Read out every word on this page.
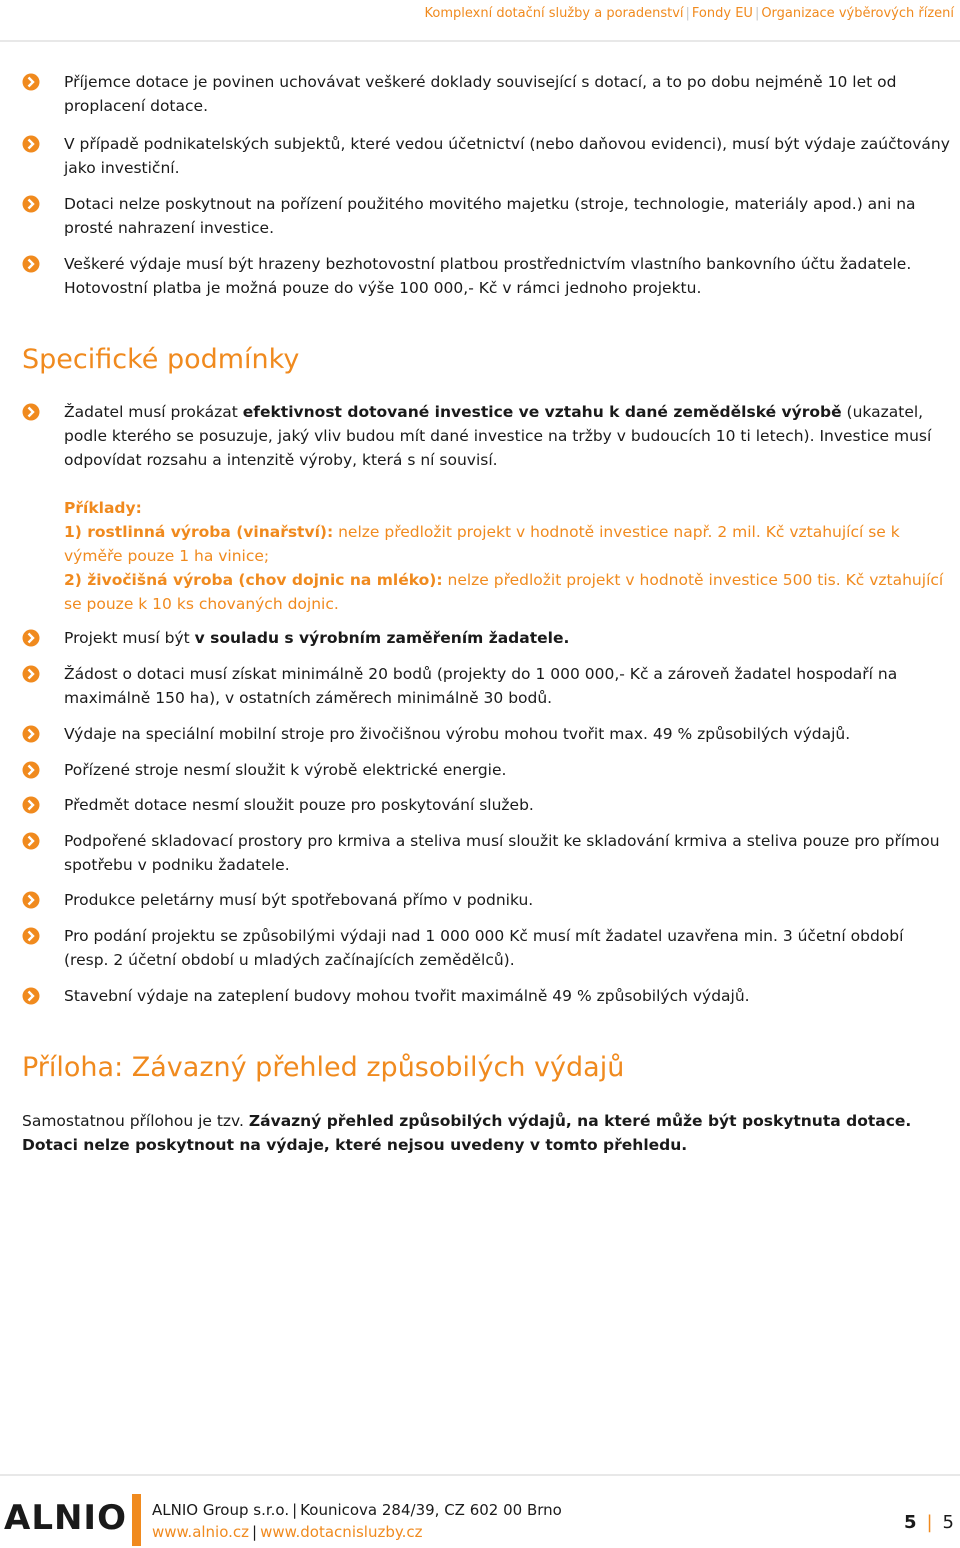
Komplexní dotační služby a poradenství | Fondy EU | Organizace výběrových řízení
Příjemce dotace je povinen uchovávat veškeré doklady související s dotací, a to po dobu nejméně 10 let od proplacení dotace.
V případě podnikatelských subjektů, které vedou účetnictví (nebo daňovou evidenci), musí být výdaje zaúčtovány jako investiční.
Dotaci nelze poskytnout na pořízení použitého movitého majetku (stroje, technologie, materiály apod.) ani na prosté nahrazení investice.
Veškeré výdaje musí být hrazeny bezhotovostní platbou prostřednictvím vlastního bankovního účtu žadatele. Hotovostní platba je možná pouze do výše 100 000,- Kč v rámci jednoho projektu.
Specifické podmínky
Žadatel musí prokázat efektivnost dotované investice ve vztahu k dané zemědělské výrobě (ukazatel, podle kterého se posuzuje, jaký vliv budou mít dané investice na tržby v budoucích 10 ti letech). Investice musí odpovídat rozsahu a intenzitě výroby, která s ní souvisí.
Příklady:
1) rostlinná výroba (vinařství): nelze předložit projekt v hodnotě investice např. 2 mil. Kč vztahující se k výměře pouze 1 ha vinice;
2) živočišná výroba (chov dojnic na mléko): nelze předložit projekt v hodnotě investice 500 tis. Kč vztahující se pouze k 10 ks chovaných dojnic.
Projekt musí být v souladu s výrobním zaměřením žadatele.
Žádost o dotaci musí získat minimálně 20 bodů (projekty do 1 000 000,- Kč a zároveň žadatel hospodaří na maximálně 150 ha), v ostatních záměrech minimálně 30 bodů.
Výdaje na speciální mobilní stroje pro živočišnou výrobu mohou tvořit max. 49 % způsobilých výdajů.
Pořízené stroje nesmí sloužit k výrobě elektrické energie.
Předmět dotace nesmí sloužit pouze pro poskytování služeb.
Podpořené skladovací prostory pro krmiva a steliva musí sloužit ke skladování krmiva a steliva pouze pro přímou spotřebu v podniku žadatele.
Produkce peletárny musí být spotřebovaná přímo v podniku.
Pro podání projektu se způsobilými výdaji nad 1 000 000 Kč musí mít žadatel uzavřena min. 3 účetní období (resp. 2 účetní období u mladých začínajících zemědělců).
Stavební výdaje na zateplení budovy mohou tvořit maximálně 49 % způsobilých výdajů.
Příloha: Závazný přehled způsobilých výdajů
Samostatnou přílohou je tzv. Závazný přehled způsobilých výdajů, na které může být poskytnuta dotace. Dotaci nelze poskytnout na výdaje, které nejsou uvedeny v tomto přehledu.
ALNIO ALNIO Group s.r.o. | Kounicova 284/39, CZ 602 00 Brno
www.alnio.cz | www.dotacnisluzby.cz	5 | 5
